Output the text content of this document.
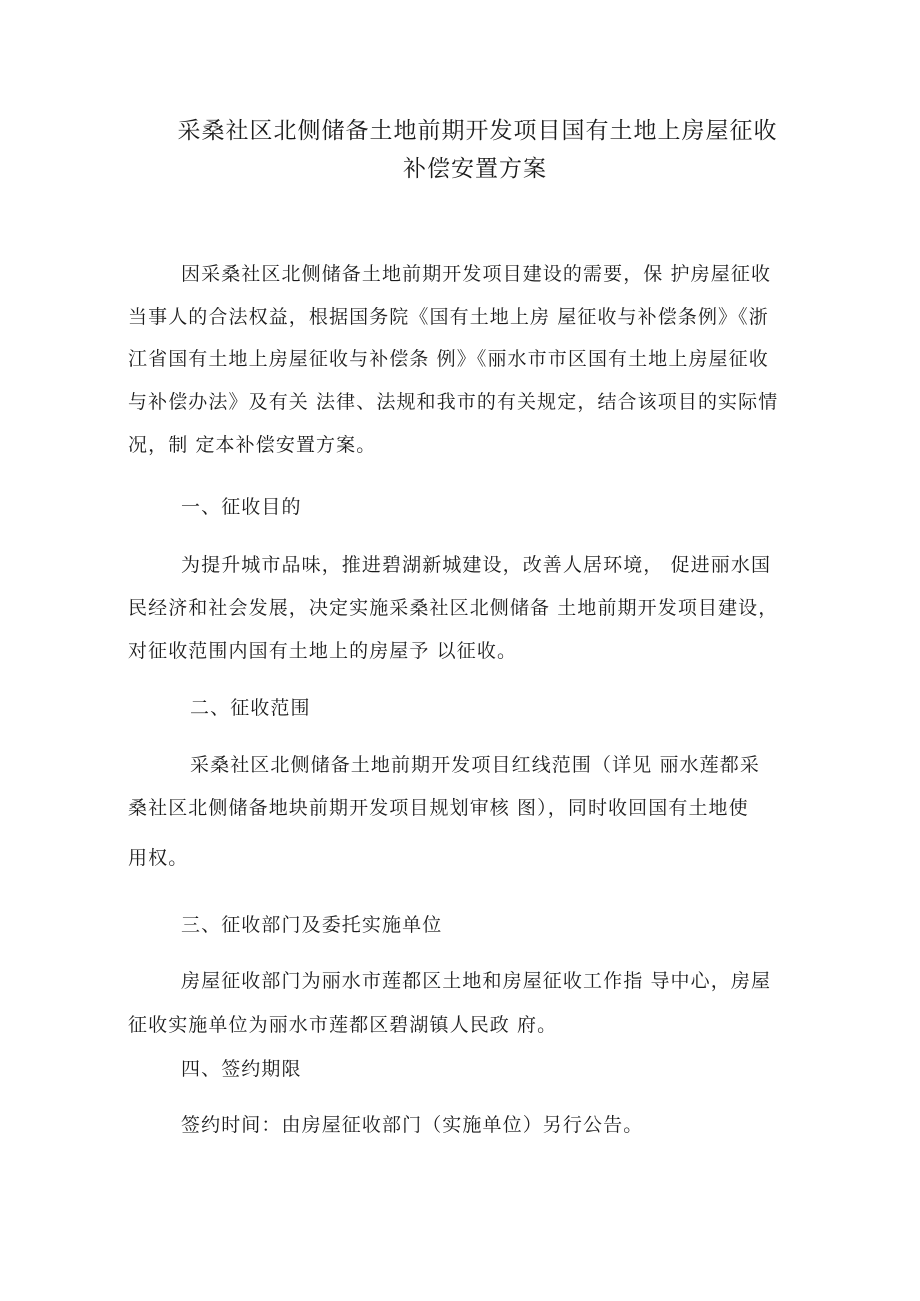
采桑社区北侧储备土地前期开发项目国有土地上房屋征收
补偿安置方案
因采桑社区北侧储备土地前期开发项目建设的需要，保 护房屋征收
当事人的合法权益，根据国务院《国有土地上房 屋征收与补偿条例》《浙
江省国有土地上房屋征收与补偿条 例》《丽水市市区国有土地上房屋征收
与补偿办法》及有关 法律、法规和我市的有关规定，结合该项目的实际情
况，制 定本补偿安置方案。
一、征收目的
为提升城市品味，推进碧湖新城建设，改善人居环境， 促进丽水国
民经济和社会发展，决定实施采桑社区北侧储备 土地前期开发项目建设，
对征收范围内国有土地上的房屋予 以征收。
二、征收范围
采桑社区北侧储备土地前期开发项目红线范围（详见 丽水莲都采
桑社区北侧储备地块前期开发项目规划审核 图），同时收回国有土地使
用权。
三、征收部门及委托实施单位
房屋征收部门为丽水市莲都区土地和房屋征收工作指 导中心，房屋
征收实施单位为丽水市莲都区碧湖镇人民政 府。
四、签约期限
签约时间：由房屋征收部门（实施单位）另行公告。
